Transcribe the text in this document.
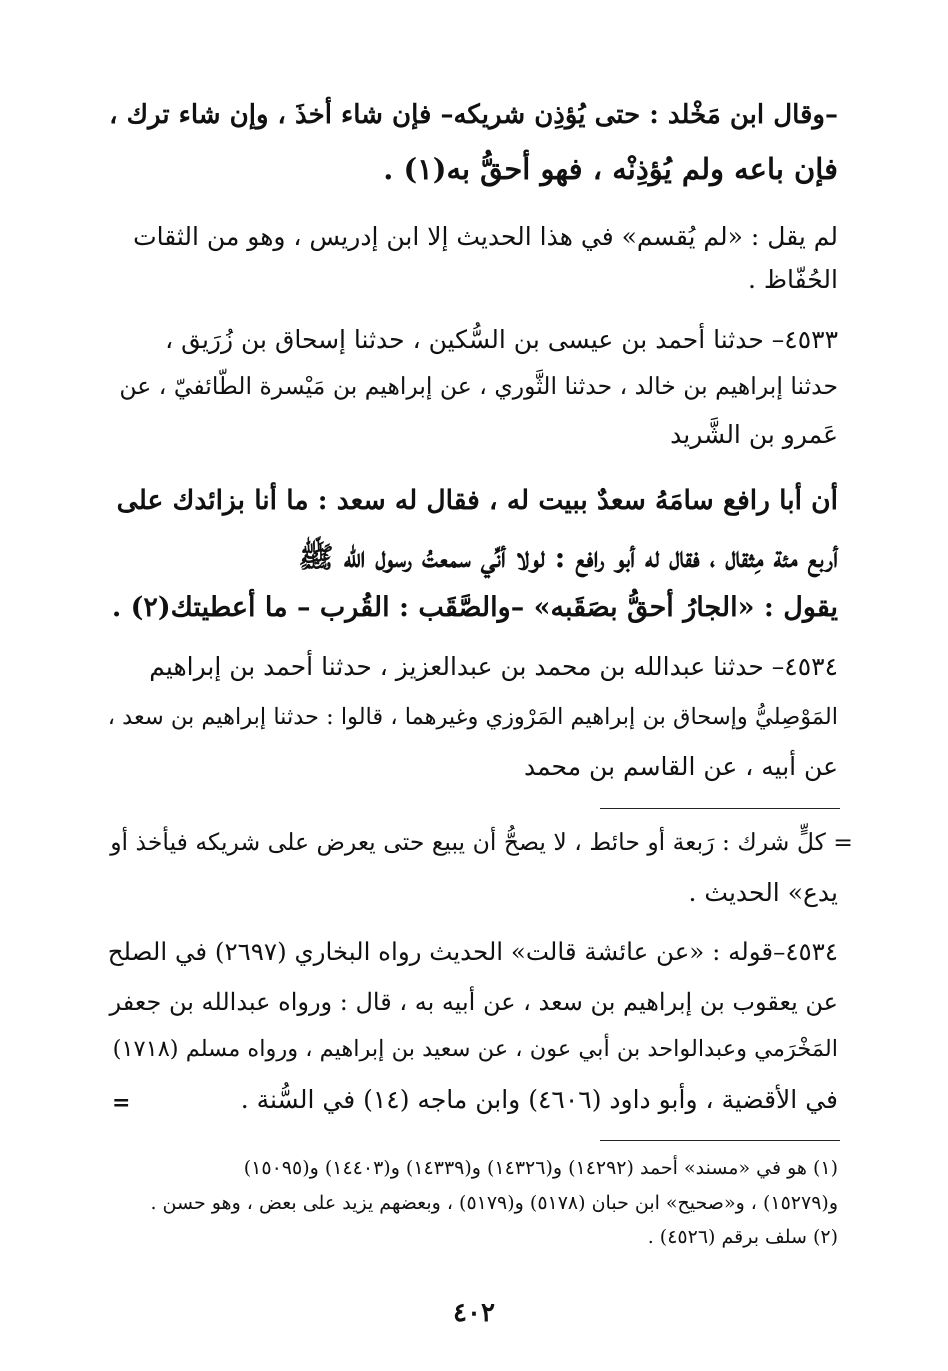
–وقال ابن مَخْلد : حتى يُؤذِن شريكه– فإن شاء أخذَ ، وإن شاء ترك ،
فإن باعه ولم يُؤذِنْه ، فهو أحقُّ به(١) .
لم يقل : «لم يُقسم» في هذا الحديث إلا ابن إدريس ، وهو من الثقات
الحُفّاظ .
٤٥٣٣– حدثنا أحمد بن عيسى بن السُّكين ، حدثنا إسحاق بن زُرَيق ،
حدثنا إبراهيم بن خالد ، حدثنا الثَّوري ، عن إبراهيم بن مَيْسرة الطّائفيّ ، عن
عَمرو بن الشَّريد
أن أبا رافع سامَهُ سعدٌ ببيت له ، فقال له سعد : ما أنا بزائدك على
أربع مئة مِثقال ، فقال له أبو رافع : لولا أنِّي سمعتُ رسول الله ﷺ
يقول : «الجارُ أحقُّ بصَقَبه» –والصَّقَب : القُرب – ما أعطيتك(٢) .
٤٥٣٤– حدثنا عبدالله بن محمد بن عبدالعزيز ، حدثنا أحمد بن إبراهيم
المَوْصِليُّ وإسحاق بن إبراهيم المَرْوزي وغيرهما ، قالوا : حدثنا إبراهيم بن سعد ،
عن أبيه ، عن القاسم بن محمد
= كلٍّ شرك : رَبعة أو حائط ، لا يصحُّ أن يبيع حتى يعرض على شريكه فيأخذ أو
يدع» الحديث .
٤٥٣٤–قوله : «عن عائشة قالت» الحديث رواه البخاري (٢٦٩٧) في الصلح
عن يعقوب بن إبراهيم بن سعد ، عن أبيه به ، قال : ورواه عبدالله بن جعفر
المَخْرَمي وعبدالواحد بن أبي عون ، عن سعيد بن إبراهيم ، ورواه مسلم (١٧١٨)
في الأقضية ، وأبو داود (٤٦٠٦) وابن ماجه (١٤) في السُّنة .
=
(١) هو في «مسند» أحمد (١٤٢٩٢) و(١٤٣٢٦) و(١٤٣٣٩) و(١٤٤٠٣) و(١٥٠٩٥)
و(١٥٢٧٩) ، و«صحيح» ابن حبان (٥١٧٨) و(٥١٧٩) ، وبعضهم يزيد على بعض ، وهو حسن .
(٢) سلف برقم (٤٥٢٦) .
٤٠٢
